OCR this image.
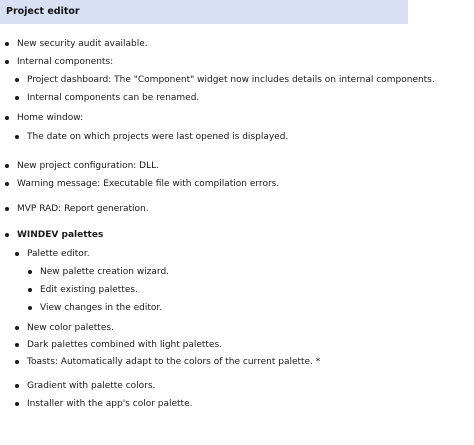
Project editor
New security audit available.
Internal components:
Project dashboard: The "Component" widget now includes details on internal components.
Internal components can be renamed.
Home window:
The date on which projects were last opened is displayed.
New project configuration: DLL.
Warning message: Executable file with compilation errors.
MVP RAD: Report generation.
WINDEV palettes
Palette editor.
New palette creation wizard.
Edit existing palettes.
View changes in the editor.
New color palettes.
Dark palettes combined with light palettes.
Toasts: Automatically adapt to the colors of the current palette. *
Gradient with palette colors.
Installer with the app's color palette.
